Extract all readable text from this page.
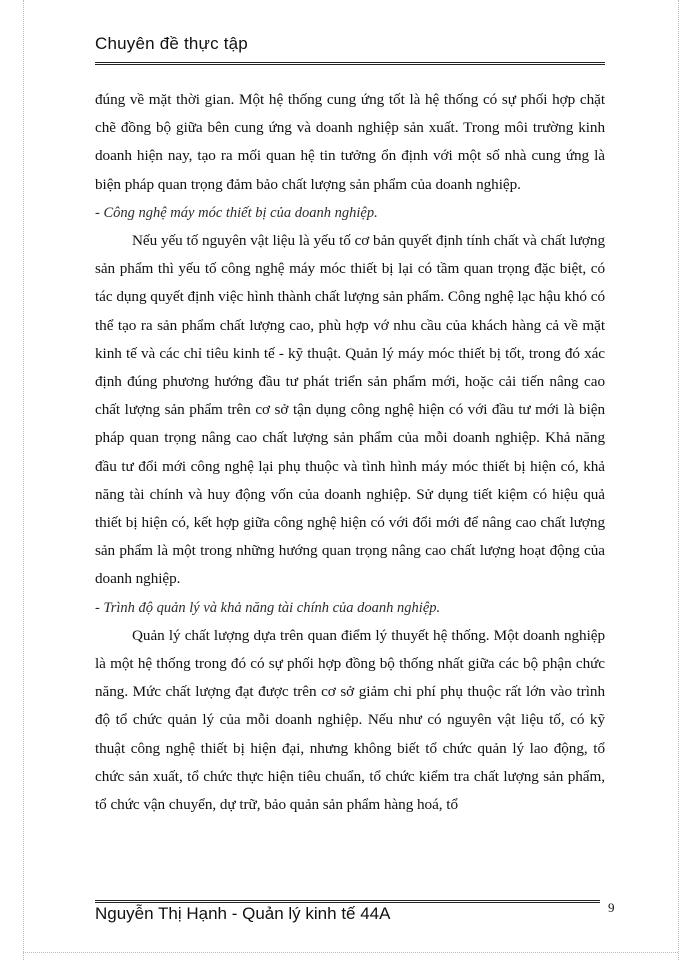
Chuyên đề thực tập

đúng về mặt thời gian. Một hệ thống cung ứng tốt là hệ thống có sự phối hợp chặt chẽ đồng bộ giữa bên cung ứng và doanh nghiệp sản xuất. Trong môi trường kinh doanh hiện nay, tạo ra mối quan hệ tin tưởng ổn định với một số nhà cung ứng là biện pháp quan trọng đảm bảo chất lượng sản phẩm của doanh nghiệp.

- Công nghệ máy móc thiết bị của doanh nghiệp.

Nếu yếu tố nguyên vật liệu là yếu tố cơ bản quyết định tính chất và chất lượng sản phẩm thì yếu tố công nghệ máy móc thiết bị lại có tầm quan trọng đặc biệt, có tác dụng quyết định việc hình thành chất lượng sản phẩm. Công nghệ lạc hậu khó có thể tạo ra sản phẩm chất lượng cao, phù hợp vớ nhu cầu của khách hàng cả về mặt kinh tế và các chỉ tiêu kinh tế - kỹ thuật. Quản lý máy móc thiết bị tốt, trong đó xác định đúng phương hướng đầu tư phát triển sản phẩm mới, hoặc cải tiến nâng cao chất lượng sản phẩm trên cơ sở tận dụng công nghệ hiện có với đầu tư mới là biện pháp quan trọng nâng cao chất lượng sản phẩm của mỗi doanh nghiệp. Khả năng đầu tư đổi mới công nghệ lại phụ thuộc và tình hình máy móc thiết bị hiện có, khả năng tài chính và huy động vốn của doanh nghiệp. Sử dụng tiết kiệm có hiệu quả thiết bị hiện có, kết hợp giữa công nghệ hiện có với đổi mới để nâng cao chất lượng sản phẩm là một trong những hướng quan trọng nâng cao chất lượng hoạt động của doanh nghiệp.

- Trình độ quản lý và khả năng tài chính của doanh nghiệp.

Quản lý chất lượng dựa trên quan điểm lý thuyết hệ thống. Một doanh nghiệp là một hệ thống trong đó có sự phối hợp đồng bộ thống nhất giữa các bộ phận chức năng. Mức chất lượng đạt được trên cơ sở giảm chi phí phụ thuộc rất lớn vào trình độ tổ chức quản lý của mỗi doanh nghiệp. Nếu như có nguyên vật liệu tố, có kỹ thuật công nghệ thiết bị hiện đại, nhưng không biết tổ chức quản lý lao động, tổ chức sản xuất, tổ chức thực hiện tiêu chuẩn, tổ chức kiểm tra chất lượng sản phẩm, tổ chức vận chuyển, dự trữ, bảo quản sản phẩm hàng hoá, tổ

Nguyễn Thị Hạnh - Quản lý kinh tế 44A	9
